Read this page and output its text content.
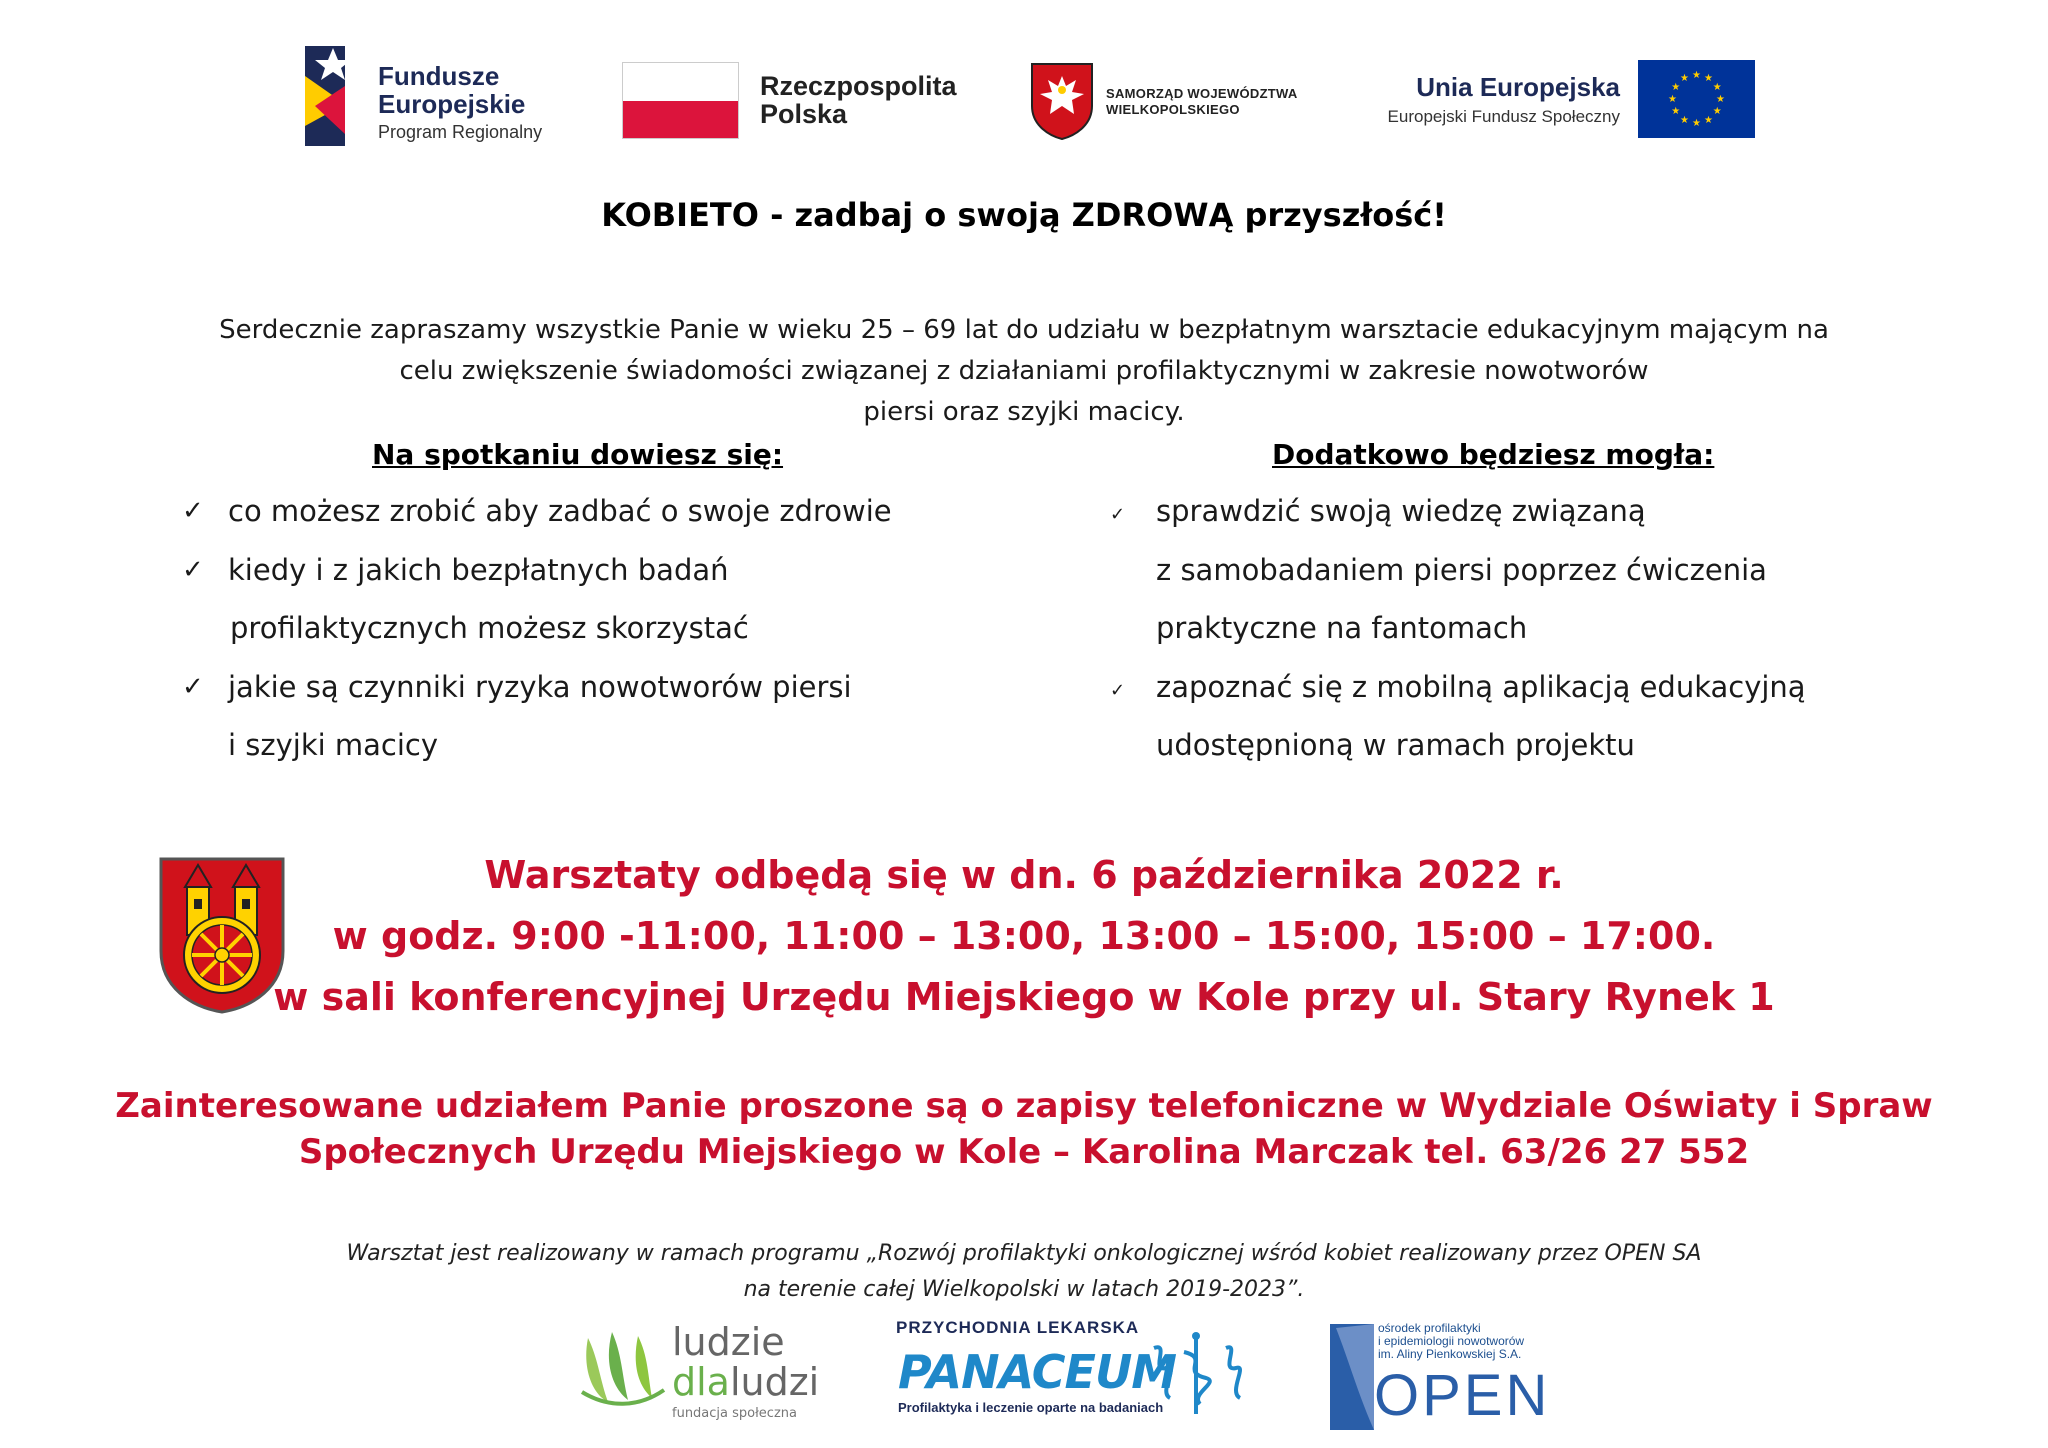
Fundusze
Europejskie
Program Regionalny
Rzeczpospolita
Polska
SAMORZĄD WOJEWÓDZTWA
WIELKOPOLSKIEGO
Unia Europejska
Europejski Fundusz Społeczny
★ ★
★
★
★
★
★
★
★
★
★
★
KOBIETO - zadbaj o swoją ZDROWĄ przyszłość!

Serdecznie zapraszamy wszystkie Panie w wieku 25 – 69 lat do udziału w bezpłatnym warsztacie edukacyjnym mającym na

celu zwiększenie świadomości związanej z działaniami profilaktycznymi w zakresie nowotworów

piersi oraz szyjki macicy.

Na spotkaniu dowiesz się:
✓ co możesz zrobić aby zadbać o swoje zdrowie
✓ kiedy i z jakich bezpłatnych badań
profilaktycznych możesz skorzystać
✓ jakie są czynniki ryzyka nowotworów piersi
i szyjki macicy
Dodatkowo będziesz mogła:
✓ sprawdzić swoją wiedzę związaną
z samobadaniem piersi poprzez ćwiczenia
praktyczne na fantomach
✓ zapoznać się z mobilną aplikacją edukacyjną
udostępnioną w ramach projektu

Warsztaty odbędą się w dn. 6 października 2022 r.

w godz. 9:00 -11:00, 11:00 – 13:00, 13:00 – 15:00, 15:00 – 17:00.

w sali konferencyjnej Urzędu Miejskiego w Kole przy ul. Stary Rynek 1

Zainteresowane udziałem Panie proszone są o zapisy telefoniczne w Wydziale Oświaty i Spraw

Społecznych Urzędu Miejskiego w Kole – Karolina Marczak tel. 63/26 27 552

Warsztat jest realizowany w ramach programu „Rozwój profilaktyki onkologicznej wśród kobiet realizowany przez OPEN SA

na terenie całej Wielkopolski w latach 2019-2023”.

ludzie
dlaludzi
fundacja społeczna
PRZYCHODNIA LEKARSKA
PANACEUM
Profilaktyka i leczenie oparte na badaniach
ośrodek profilaktyki
i epidemiologii nowotworów
im. Aliny Pienkowskiej S.A.
OPEN
